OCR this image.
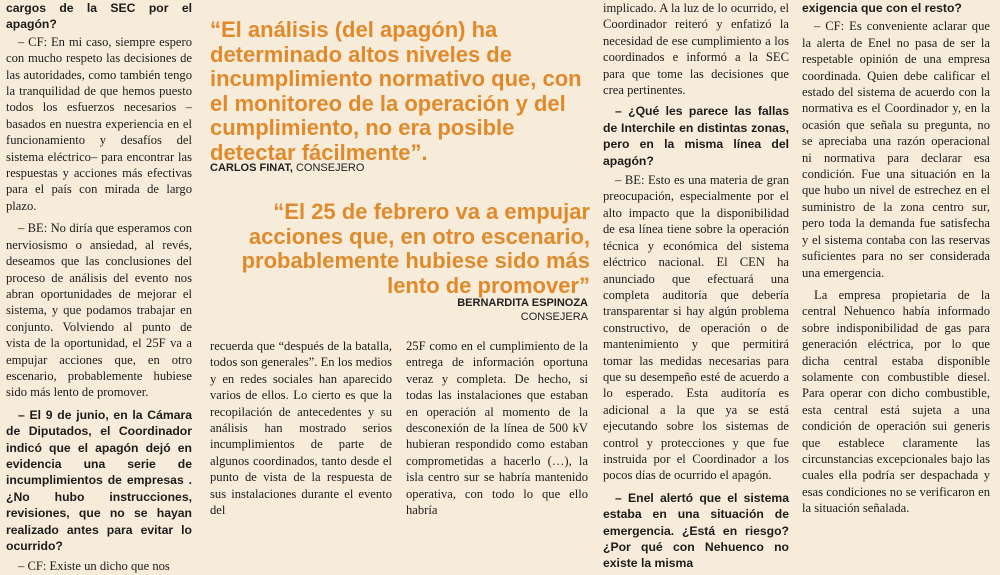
cargos de la SEC por el apagón?

– CF: En mi caso, siempre espero con mucho respeto las decisiones de las autoridades, como también tengo la tranquilidad de que hemos puesto todos los esfuerzos necesarios –basados en nuestra experiencia en el funcionamiento y desafíos del sistema eléctrico– para encontrar las respuestas y acciones más efectivas para el país con mirada de largo plazo.

– BE: No diría que esperamos con nerviosismo o ansiedad, al revés, deseamos que las conclusiones del proceso de análisis del evento nos abran oportunidades de mejorar el sistema, y que podamos trabajar en conjunto. Volviendo al punto de vista de la oportunidad, el 25F va a empujar acciones que, en otro escenario, probablemente hubiese sido más lento de promover.

– El 9 de junio, en la Cámara de Diputados, el Coordinador indicó que el apagón dejó en evidencia una serie de incumplimientos de empresas .¿No hubo instrucciones, revisiones, que no se hayan realizado antes para evitar lo ocurrido?

– CF: Existe un dicho que nos

“El análisis (del apagón) ha determinado altos niveles de incumplimiento normativo que, con el monitoreo de la operación y del cumplimiento, no era posible detectar fácilmente”.
CARLOS FINAT, CONSEJERO
“El 25 de febrero va a empujar acciones que, en otro escenario, probablemente hubiese sido más lento de promover”
BERNARDITA ESPINOZA
CONSEJERA

recuerda que “después de la batalla, todos son generales”. En los medios y en redes sociales han aparecido varios de ellos. Lo cierto es que la recopilación de antecedentes y su análisis han mostrado serios incumplimientos de parte de algunos coordinados, tanto desde el punto de vista de la respuesta de sus instalaciones durante el evento del

25F como en el cumplimiento de la entrega de información oportuna veraz y completa. De hecho, si todas las instalaciones que estaban en operación al momento de la desconexión de la línea de 500 kV hubieran respondido como estaban comprometidas a hacerlo (…), la isla centro sur se habría mantenido operativa, con todo lo que ello habría

implicado. A la luz de lo ocurrido, el Coordinador reiteró y enfatizó la necesidad de ese cumplimiento a los coordinados e informó a la SEC para que tome las decisiones que crea pertinentes.

– ¿Qué les parece las fallas de Interchile en distintas zonas, pero en la misma línea del apagón?

– BE: Esto es una materia de gran preocupación, especialmente por el alto impacto que la disponibilidad de esa línea tiene sobre la operación técnica y económica del sistema eléctrico nacional. El CEN ha anunciado que efectuará una completa auditoría que debería transparentar si hay algún problema constructivo, de operación o de mantenimiento y que permitirá tomar las medidas necesarias para que su desempeño esté de acuerdo a lo esperado. Esta auditoría es adicional a la que ya se está ejecutando sobre los sistemas de control y protecciones y que fue instruida por el Coordinador a los pocos días de ocurrido el apagón.

– Enel alertó que el sistema estaba en una situación de emergencia. ¿Está en riesgo? ¿Por qué con Nehuenco no existe la misma

exigencia que con el resto?

– CF: Es conveniente aclarar que la alerta de Enel no pasa de ser la respetable opinión de una empresa coordinada. Quien debe calificar el estado del sistema de acuerdo con la normativa es el Coordinador y, en la ocasión que señala su pregunta, no se apreciaba una razón operacional ni normativa para declarar esa condición. Fue una situación en la que hubo un nivel de estrechez en el suministro de la zona centro sur, pero toda la demanda fue satisfecha y el sistema contaba con las reservas suficientes para no ser considerada una emergencia.

La empresa propietaria de la central Nehuenco había informado sobre indisponibilidad de gas para generación eléctrica, por lo que dicha central estaba disponible solamente con combustible diesel. Para operar con dicho combustible, esta central está sujeta a una condición de operación sui generis que establece claramente las circunstancias excepcionales bajo las cuales ella podría ser despachada y esas condiciones no se verificaron en la situación señalada.
